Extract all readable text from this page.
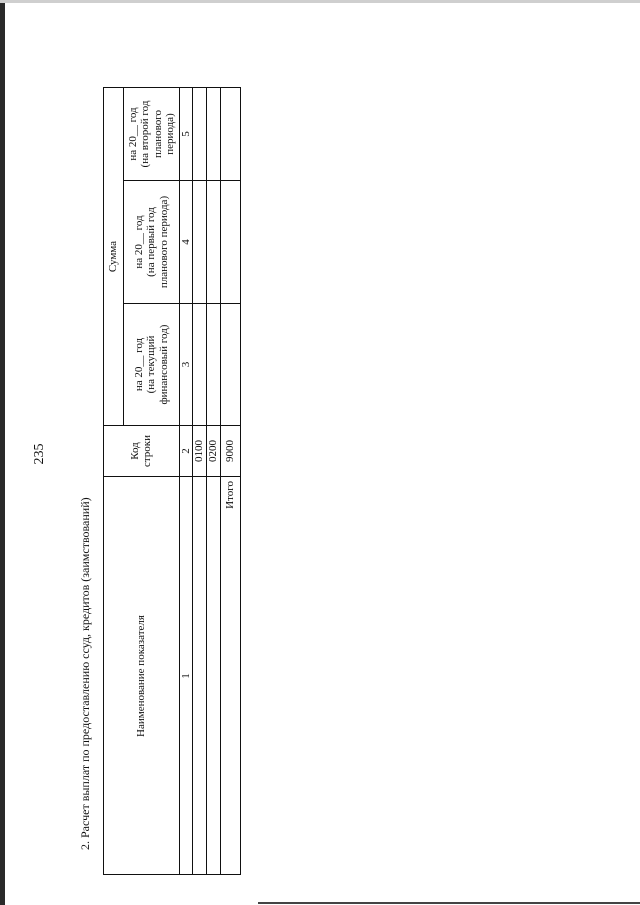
235
2. Расчет выплат по предоставлению ссуд, кредитов (заимствований)	Наименование показателя
Код строки
Сумма
на 20__ год (на текущий финансовый год)
на 20__ год (на первый год планового периода)
на 20__ год (на второй год планового периода)
1
2
3
4
5
0100 0200
Итого
9000
